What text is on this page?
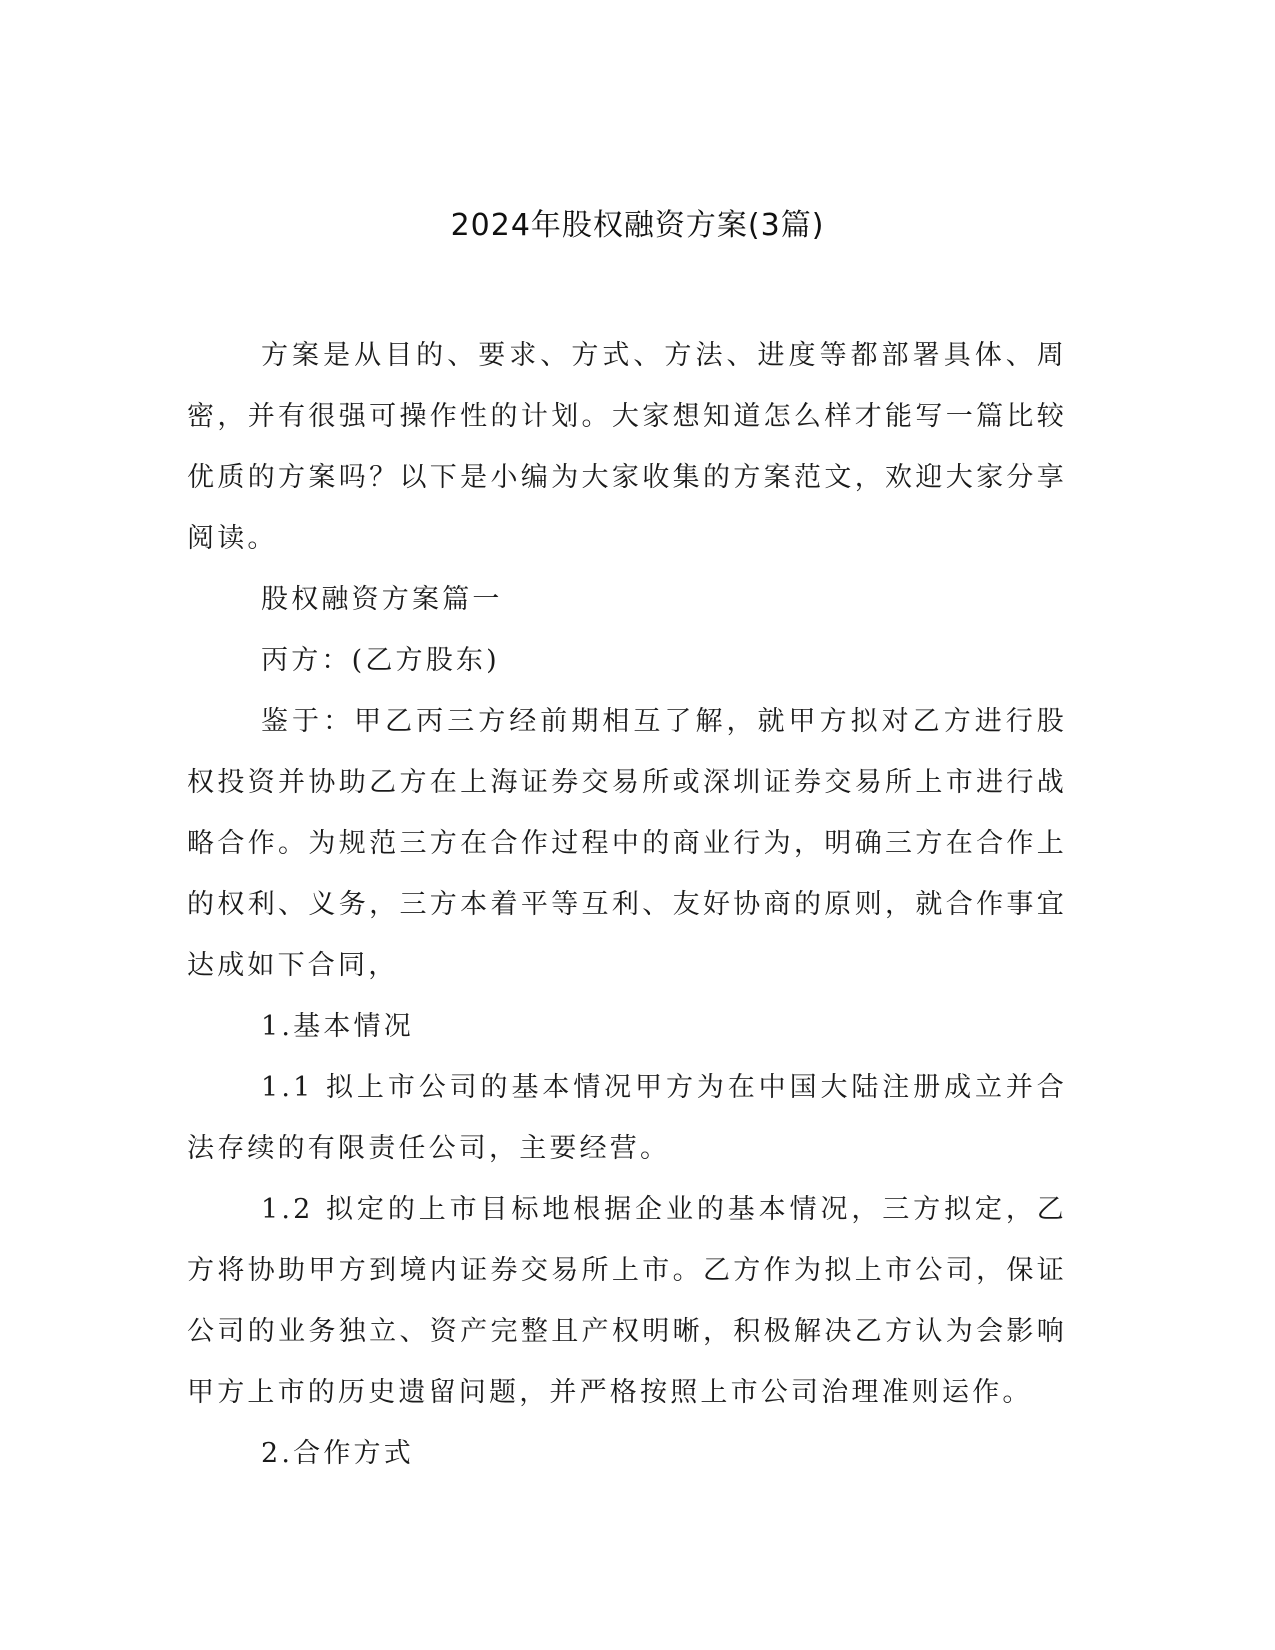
2024年股权融资方案(3篇)

方案是从目的、要求、方式、方法、进度等都部署具体、周密，并有很强可操作性的计划。大家想知道怎么样才能写一篇比较优质的方案吗？以下是小编为大家收集的方案范文，欢迎大家分享阅读。

股权融资方案篇一

丙方：(乙方股东)

鉴于：甲乙丙三方经前期相互了解，就甲方拟对乙方进行股权投资并协助乙方在上海证券交易所或深圳证券交易所上市进行战略合作。为规范三方在合作过程中的商业行为，明确三方在合作上的权利、义务，三方本着平等互利、友好协商的原则，就合作事宜达成如下合同，

1.基本情况

1.1 拟上市公司的基本情况甲方为在中国大陆注册成立并合法存续的有限责任公司，主要经营。

1.2 拟定的上市目标地根据企业的基本情况，三方拟定，乙方将协助甲方到境内证券交易所上市。乙方作为拟上市公司，保证公司的业务独立、资产完整且产权明晰，积极解决乙方认为会影响甲方上市的历史遗留问题，并严格按照上市公司治理准则运作。

2.合作方式
